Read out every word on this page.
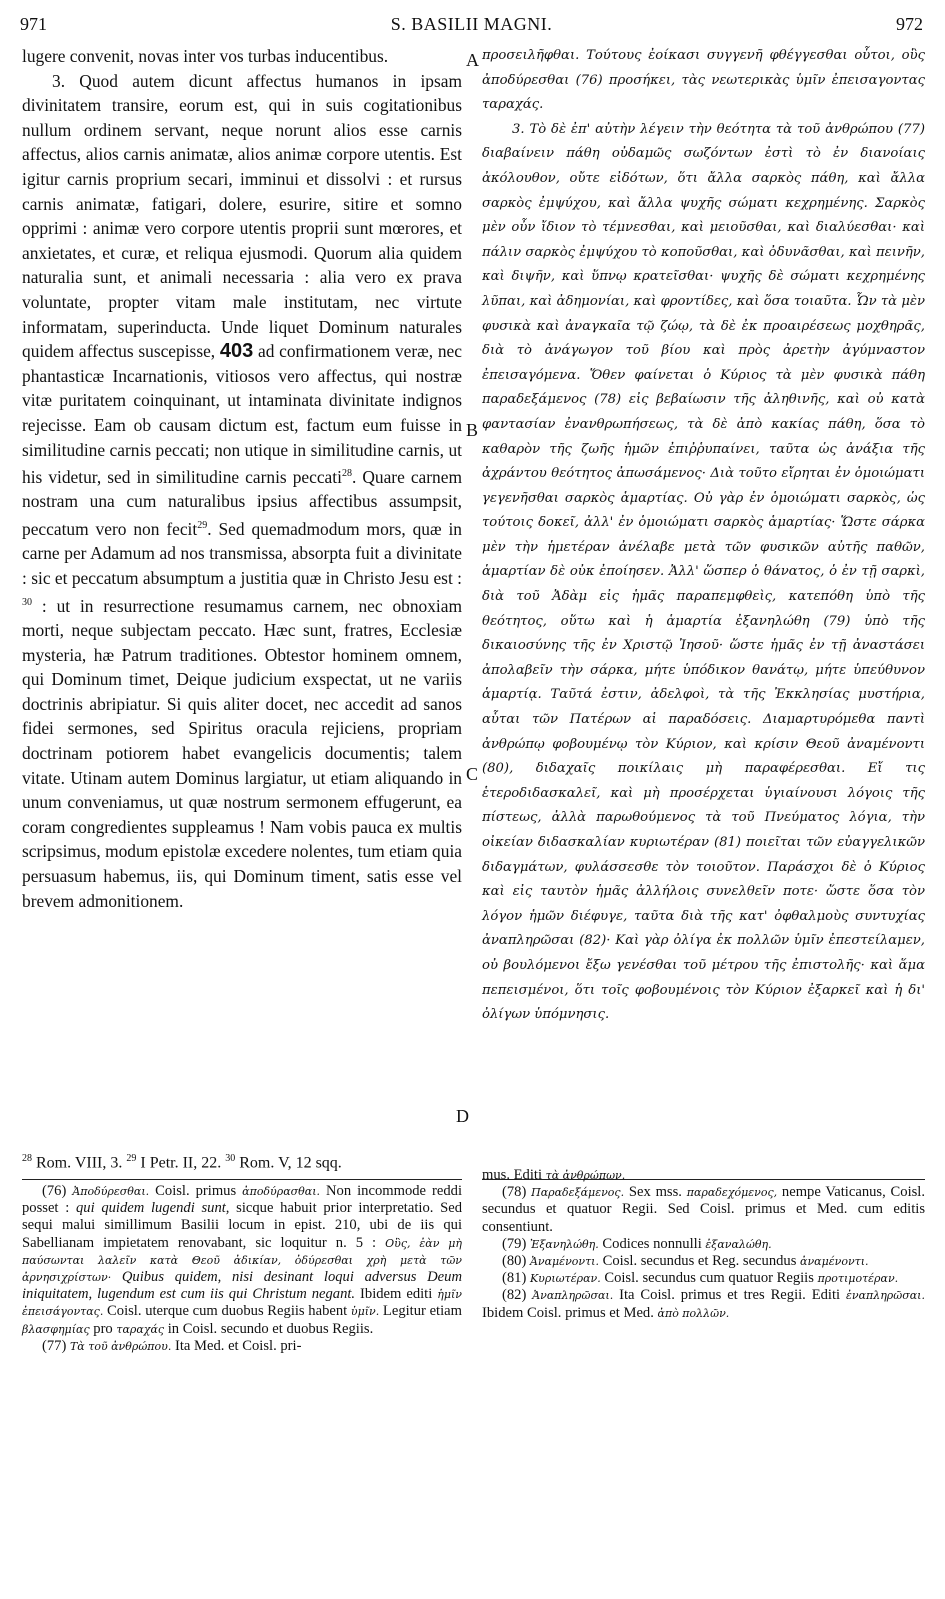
971	S. BASILII MAGNI.	972
A
B
C
D

lugere convenit, novas inter vos turbas inducentibus.

3. Quod autem dicunt affectus humanos in ipsam divinitatem transire, eorum est, qui in suis cogitationibus nullum ordinem servant, neque norunt alios esse carnis affectus, alios carnis animatæ, alios animæ corpore utentis. Est igitur carnis proprium secari, imminui et dissolvi : et rursus carnis animatæ, fatigari, dolere, esurire, sitire et somno opprimi : animæ vero corpore utentis proprii sunt mœrores, et anxietates, et curæ, et reliqua ejusmodi. Quorum alia quidem naturalia sunt, et animali necessaria : alia vero ex prava voluntate, propter vitam male institutam, nec virtute informatam, superinducta. Unde liquet Dominum naturales quidem affectus suscepisse, 403 ad confirmationem veræ, nec phantasticæ Incarnationis, vitiosos vero affectus, qui nostræ vitæ puritatem coinquinant, ut intaminata divinitate indignos rejecisse. Eam ob causam dictum est, factum eum fuisse in similitudine carnis peccati; non utique in similitudine carnis, ut his videtur, sed in similitudine carnis peccati$^{28}$. Quare carnem nostram una cum naturalibus ipsius affectibus assumpsit, peccatum vero non fecit$^{29}$. Sed quemadmodum mors, quæ in carne per Adamum ad nos transmissa, absorpta fuit a divinitate : sic et peccatum absumptum a justitia quæ in Christo Jesu est : $^{30}$ : ut in resurrectione resumamus carnem, nec obnoxiam morti, neque subjectam peccato. Hæc sunt, fratres, Ecclesiæ mysteria, hæ Patrum traditiones. Obtestor hominem omnem, qui Dominum timet, Deique judicium exspectat, ut ne variis doctrinis abripiatur. Si quis aliter docet, nec accedit ad sanos fidei sermones, sed Spiritus oracula rejiciens, propriam doctrinam potiorem habet evangelicis documentis; talem vitate. Utinam autem Dominus largiatur, ut etiam aliquando in unum conveniamus, ut quæ nostrum sermonem effugerunt, ea coram congredientes suppleamus ! Nam vobis pauca ex multis scripsimus, modum epistolæ excedere nolentes, tum etiam quia persuasum habemus, iis, qui Dominum timent, satis esse vel brevem admonitionem.

προσειλῆφθαι. Τούτους ἐοίκασι συγγενῆ φθέγγεσθαι οὗτοι, οὓς ἀποδύρεσθαι (76) προσήκει, τὰς νεωτερικὰς ὑμῖν ἐπεισαγοντας ταραχάς.

3. Τὸ δὲ ἐπ' αὐτὴν λέγειν τὴν θεότητα τὰ τοῦ ἀνθρώπου (77) διαβαίνειν πάθη οὐδαμῶς σωζόντων ἐστὶ τὸ ἐν διανοίαις ἀκόλουθον, οὔτε εἰδότων, ὅτι ἄλλα σαρκὸς πάθη, καὶ ἄλλα σαρκὸς ἐμψύχου, καὶ ἄλλα ψυχῆς σώματι κεχρημένης. Σαρκὸς μὲν οὖν ἴδιον τὸ τέμνεσθαι, καὶ μειοῦσθαι, καὶ διαλύεσθαι· καὶ πάλιν σαρκὸς ἐμψύχου τὸ κοποῦσθαι, καὶ ὀδυνᾶσθαι, καὶ πεινῆν, καὶ διψῆν, καὶ ὕπνῳ κρατεῖσθαι· ψυχῆς δὲ σώματι κεχρημένης λῦπαι, καὶ ἀδημονίαι, καὶ φροντίδες, καὶ ὅσα τοιαῦτα. Ὧν τὰ μὲν φυσικὰ καὶ ἀναγκαῖα τῷ ζώῳ, τὰ δὲ ἐκ προαιρέσεως μοχθηρᾶς, διὰ τὸ ἀνάγωγον τοῦ βίου καὶ πρὸς ἀρετὴν ἀγύμναστον ἐπεισαγόμενα. Ὅθεν φαίνεται ὁ Κύριος τὰ μὲν φυσικὰ πάθη παραδεξάμενος (78) εἰς βεβαίωσιν τῆς ἀληθινῆς, καὶ οὐ κατὰ φαντασίαν ἐνανθρωπήσεως, τὰ δὲ ἀπὸ κακίας πάθη, ὅσα τὸ καθαρὸν τῆς ζωῆς ἡμῶν ἐπιῤῥυπαίνει, ταῦτα ὡς ἀνάξια τῆς ἀχράντου θεότητος ἀπωσάμενος· Διὰ τοῦτο εἴρηται ἐν ὁμοιώματι γεγενῆσθαι σαρκὸς ἁμαρτίας. Οὐ γὰρ ἐν ὁμοιώματι σαρκὸς, ὡς τούτοις δοκεῖ, ἀλλ' ἐν ὁμοιώματι σαρκὸς ἁμαρτίας· Ὥστε σάρκα μὲν τὴν ἡμετέραν ἀνέλαβε μετὰ τῶν φυσικῶν αὐτῆς παθῶν, ἁμαρτίαν δὲ οὐκ ἐποίησεν. Ἀλλ' ὥσπερ ὁ θάνατος, ὁ ἐν τῇ σαρκὶ, διὰ τοῦ Ἀδὰμ εἰς ἡμᾶς παραπεμφθεὶς, κατεπόθη ὑπὸ τῆς θεότητος, οὕτω καὶ ἡ ἁμαρτία ἐξανηλώθη (79) ὑπὸ τῆς δικαιοσύνης τῆς ἐν Χριστῷ Ἰησοῦ· ὥστε ἡμᾶς ἐν τῇ ἀναστάσει ἀπολαβεῖν τὴν σάρκα, μήτε ὑπόδικον θανάτῳ, μήτε ὑπεύθυνον ἁμαρτίᾳ. Ταῦτά ἐστιν, ἀδελφοὶ, τὰ τῆς Ἐκκλησίας μυστήρια, αὗται τῶν Πατέρων αἱ παραδόσεις. Διαμαρτυρόμεθα παντὶ ἀνθρώπῳ φοβουμένῳ τὸν Κύριον, καὶ κρίσιν Θεοῦ ἀναμένοντι (80), διδαχαῖς ποικίλαις μὴ παραφέρεσθαι. Εἴ τις ἑτεροδιδασκαλεῖ, καὶ μὴ προσέρχεται ὑγιαίνουσι λόγοις τῆς πίστεως, ἀλλὰ παρωθούμενος τὰ τοῦ Πνεύματος λόγια, τὴν οἰκείαν διδασκαλίαν κυριωτέραν (81) ποιεῖται τῶν εὐαγγελικῶν διδαγμάτων, φυλάσσεσθε τὸν τοιοῦτον. Παράσχοι δὲ ὁ Κύριος καὶ εἰς ταυτὸν ἡμᾶς ἀλλήλοις συνελθεῖν ποτε· ὥστε ὅσα τὸν λόγον ἡμῶν διέφυγε, ταῦτα διὰ τῆς κατ' ὀφθαλμοὺς συντυχίας ἀναπληρῶσαι (82)· Καὶ γὰρ ὀλίγα ἐκ πολλῶν ὑμῖν ἐπεστείλαμεν, οὐ βουλόμενοι ἔξω γενέσθαι τοῦ μέτρου τῆς ἐπιστολῆς· καὶ ἅμα πεπεισμένοι, ὅτι τοῖς φοβουμένοις τὸν Κύριον ἐξαρκεῖ καὶ ἡ δι' ὀλίγων ὑπόμνησις.

$^{28}$ Rom. VIII, 3. $^{29}$ I Petr. II, 22. $^{30}$ Rom. V, 12 sqq.

(76) Ἀποδύρεσθαι. Coisl. primus ἀποδύρασθαι. Non incommode reddi posset : qui quidem lugendi sunt, sicque habuit prior interpretatio. Sed sequi malui simillimum Basilii locum in epist. 210, ubi de iis qui Sabellianam impietatem renovabant, sic loquitur n. 5 : Οὓς, ἐὰν μὴ παύσωνται λαλεῖν κατὰ Θεοῦ ἀδικίαν, ὀδύρεσθαι χρὴ μετὰ τῶν ἀρνησιχρίστων· Quibus quidem, nisi desinant loqui adversus Deum iniquitatem, lugendum est cum iis qui Christum negant. Ibidem editi ἡμῖν ἐπεισάγοντας. Coisl. uterque cum duobus Regiis habent ὑμῖν. Legitur etiam βλασφημίας pro ταραχάς in Coisl. secundo et duobus Regiis.

(77) Τὰ τοῦ ἀνθρώπου. Ita Med. et Coisl. pri-

mus. Editi τὰ ἀνθρώπων.

(78) Παραδεξάμενος. Sex mss. παραδεχόμενος, nempe Vaticanus, Coisl. secundus et quatuor Regii. Sed Coisl. primus et Med. cum editis consentiunt.

(79) Ἐξανηλώθη. Codices nonnulli ἐξαναλώθη.

(80) Ἀναμένοντι. Coisl. secundus et Reg. secundus ἀναμένοντι.

(81) Κυριωτέραν. Coisl. secundus cum quatuor Regiis προτιμοτέραν.

(82) Ἀναπληρῶσαι. Ita Coisl. primus et tres Regii. Editi ἐναπληρῶσαι. Ibidem Coisl. primus et Med. ἀπὸ πολλῶν.
